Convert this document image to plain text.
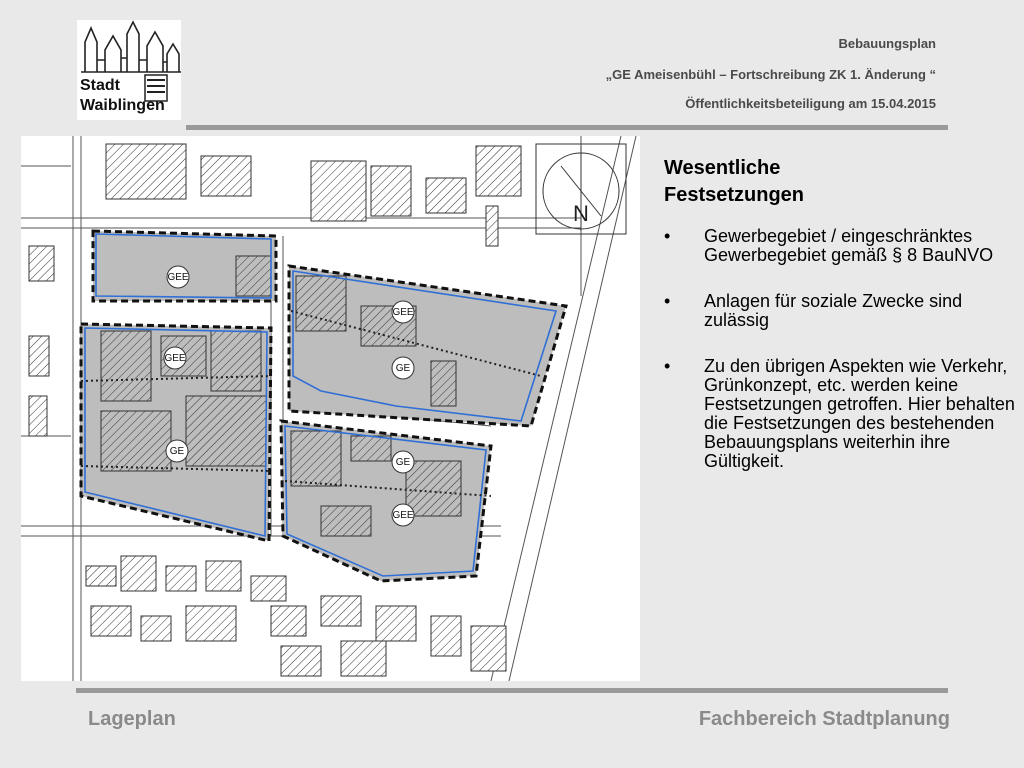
Stadt
Waiblingen
Bebauungsplan
„GE Ameisenbühl – Fortschreibung ZK 1. Änderung “
Öffentlichkeitsbeteiligung am 15.04.2015
GEE
GEE
GE
GE
GE
GEE
GEE
N
Wesentliche
Festsetzungen
• Gewerbegebiet / eingeschränktes Gewerbegebiet gemäß § 8 BauNVO
• Anlagen für soziale Zwecke sind zulässig
• Zu den übrigen Aspekten wie Verkehr, Grünkonzept, etc. werden keine Festsetzungen getroffen. Hier behalten die Festsetzungen des bestehenden Bebauungsplans weiterhin ihre Gültigkeit.
Lageplan	Fachbereich Stadtplanung
